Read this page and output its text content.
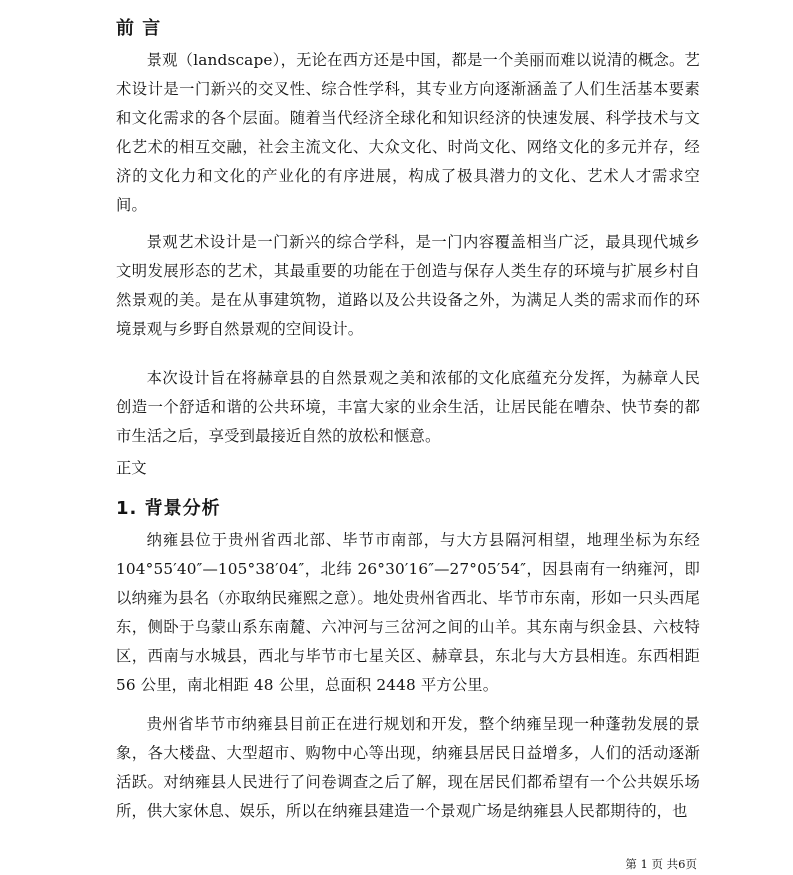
前 言

景观（landscape），无论在西方还是中国，都是一个美丽而难以说清的概念。艺术设计是一门新兴的交叉性、综合性学科，其专业方向逐渐涵盖了人们生活基本要素和文化需求的各个层面。随着当代经济全球化和知识经济的快速发展、科学技术与文化艺术的相互交融，社会主流文化、大众文化、时尚文化、网络文化的多元并存，经济的文化力和文化的产业化的有序进展，构成了极具潜力的文化、艺术人才需求空间。

景观艺术设计是一门新兴的综合学科，是一门内容覆盖相当广泛，最具现代城乡文明发展形态的艺术，其最重要的功能在于创造与保存人类生存的环境与扩展乡村自然景观的美。是在从事建筑物，道路以及公共设备之外，为满足人类的需求而作的环境景观与乡野自然景观的空间设计。

本次设计旨在将赫章县的自然景观之美和浓郁的文化底蕴充分发挥，为赫章人民创造一个舒适和谐的公共环境，丰富大家的业余生活，让居民能在嘈杂、快节奏的都市生活之后，享受到最接近自然的放松和惬意。

正文
1. 背景分析

纳雍县位于贵州省西北部、毕节市南部，与大方县隔河相望，地理坐标为东经104°55′40″—105°38′04″，北纬 26°30′16″—27°05′54″，因县南有一纳雍河，即以纳雍为县名（亦取纳民雍熙之意）。地处贵州省西北、毕节市东南，形如一只头西尾东，侧卧于乌蒙山系东南麓、六冲河与三岔河之间的山羊。其东南与织金县、六枝特区，西南与水城县，西北与毕节市七星关区、赫章县，东北与大方县相连。东西相距 56 公里，南北相距 48 公里，总面积 2448 平方公里。

贵州省毕节市纳雍县目前正在进行规划和开发，整个纳雍呈现一种蓬勃发展的景象，各大楼盘、大型超市、购物中心等出现，纳雍县居民日益增多，人们的活动逐渐活跃。对纳雍县人民进行了问卷调查之后了解，现在居民们都希望有一个公共娱乐场所，供大家休息、娱乐，所以在纳雍县建造一个景观广场是纳雍县人民都期待的，也

第 1 页 共6页
